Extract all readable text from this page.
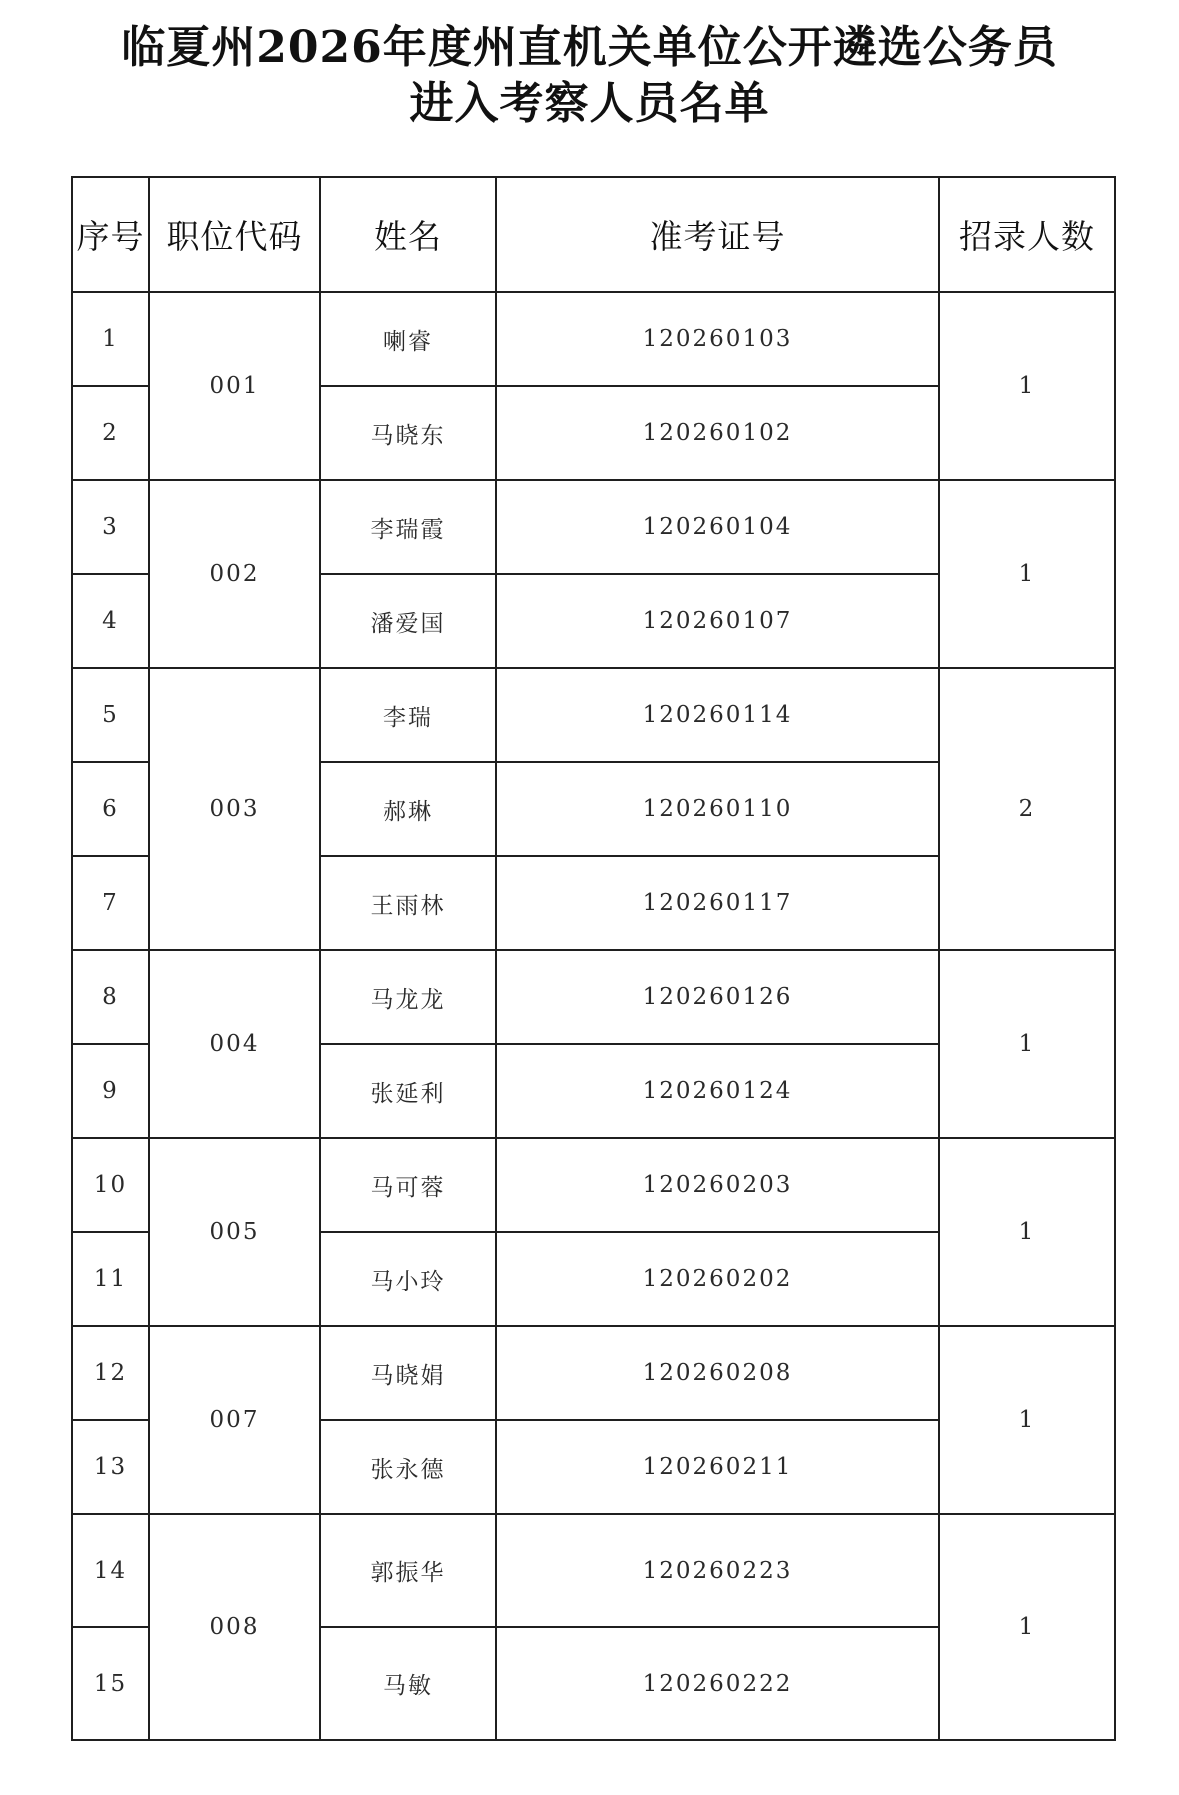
临夏州2026年度州直机关单位公开遴选公务员
进入考察人员名单
序号	职位代码	姓名	准考证号	招录人数
1	001	喇睿	120260103	1
2		马晓东	120260102	
3	002	李瑞霞	120260104	1
4		潘爱国	120260107	
5	003	李瑞	120260114	2
6		郝琳	120260110	
7		王雨林	120260117	
8	004	马龙龙	120260126	1
9		张延利	120260124	
10	005	马可蓉	120260203	1
11		马小玲	120260202	
12	007	马晓娟	120260208	1
13		张永德	120260211	
14	008	郭振华	120260223	1
15		马敏	120260222	
